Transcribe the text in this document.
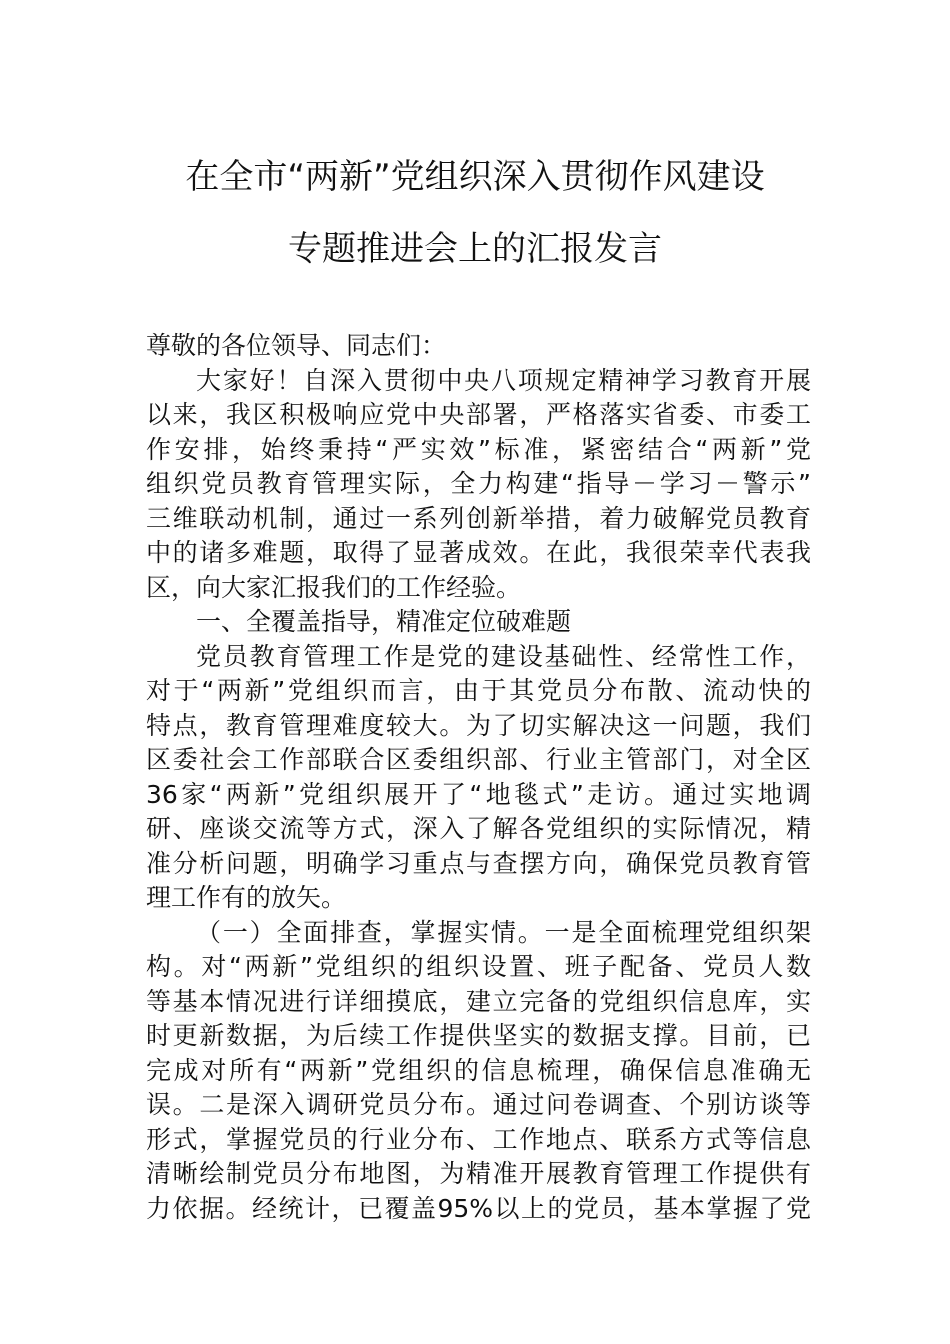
在全市“两新”党组织深入贯彻作风建设
专题推进会上的汇报发言
尊敬的各位领导、同志们：
大家好！自深入贯彻中央八项规定精神学习教育开展
以来，我区积极响应党中央部署，严格落实省委、市委工
作安排，始终秉持“严实效”标准，紧密结合“两新”党
组织党员教育管理实际，全力构建“指导－学习－警示”
三维联动机制，通过一系列创新举措，着力破解党员教育
中的诸多难题，取得了显著成效。在此，我很荣幸代表我
区，向大家汇报我们的工作经验。
一、全覆盖指导，精准定位破难题
党员教育管理工作是党的建设基础性、经常性工作，
对于“两新”党组织而言，由于其党员分布散、流动快的
特点，教育管理难度较大。为了切实解决这一问题，我们
区委社会工作部联合区委组织部、行业主管部门，对全区
36家“两新”党组织展开了“地毯式”走访。通过实地调
研、座谈交流等方式，深入了解各党组织的实际情况，精
准分析问题，明确学习重点与查摆方向，确保党员教育管
理工作有的放矢。
（一）全面排查，掌握实情。一是全面梳理党组织架
构。对“两新”党组织的组织设置、班子配备、党员人数
等基本情况进行详细摸底，建立完备的党组织信息库，实
时更新数据，为后续工作提供坚实的数据支撑。目前，已
完成对所有“两新”党组织的信息梳理，确保信息准确无
误。二是深入调研党员分布。通过问卷调查、个别访谈等
形式，掌握党员的行业分布、工作地点、联系方式等信息
清晰绘制党员分布地图，为精准开展教育管理工作提供有
力依据。经统计，已覆盖95%以上的党员，基本掌握了党
